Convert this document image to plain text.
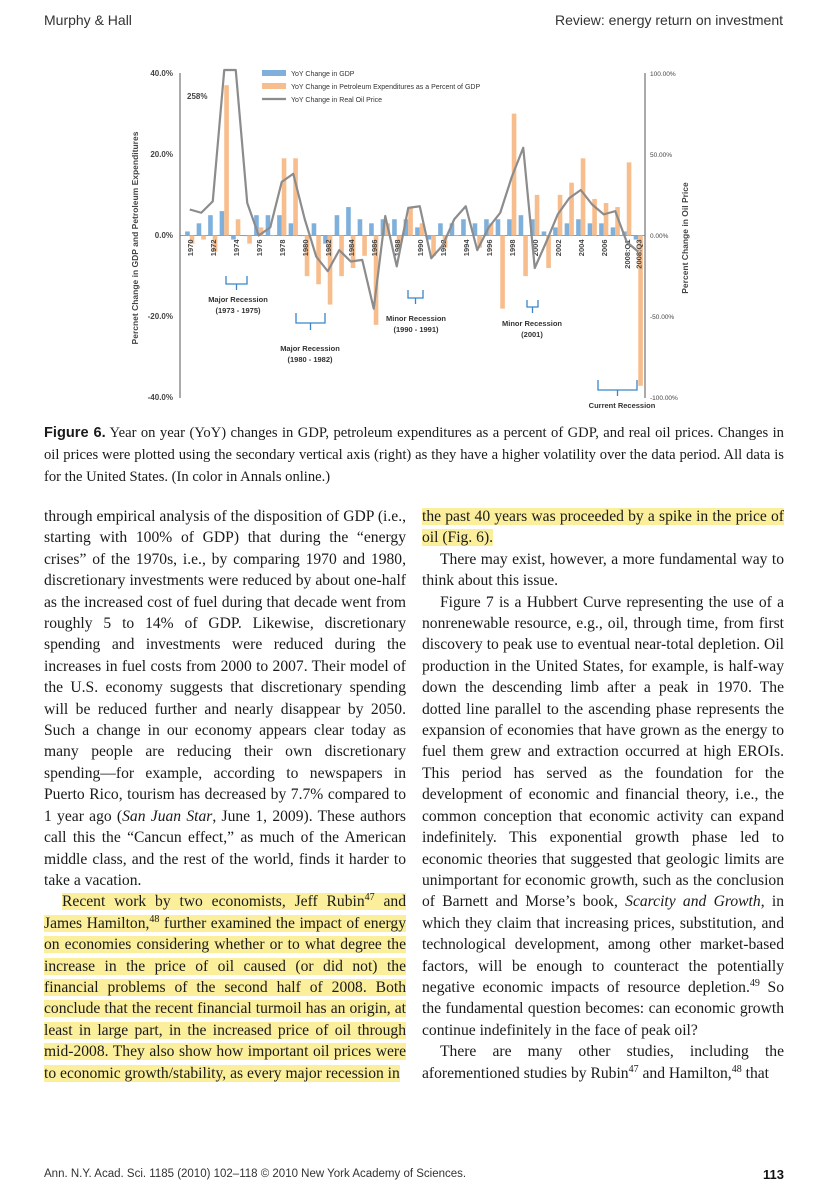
Murphy & Hall	Review: energy return on investment
40.0%
20.0%
0.0%
-20.0%
-40.0%
100.00%
50.00%
0.00%
-50.00%
-100.00%
Percnet Change in GDP and Petroleum Expenditures	Percent Change in Oil Price
YoY Change in GDP
YoY Change in Petroleum Expenditures as a Percent of GDP
YoY Change in Real Oil Price
258%
1970 1972 1974 1976 1978 1980 1982 1984 1986 1988 1990 1992 1994 1996 1998 2000 2002 2004 2006 2008:Q1 2008:Q3
Major Recession
(1973 - 1975)
Major Recession
(1980 - 1982)
Minor Recession
(1990 - 1991)
Minor Recession
(2001)
Current Recession
Figure 6. Year on year (YoY) changes in GDP, petroleum expenditures as a percent of GDP, and real oil prices. Changes in oil prices were plotted using the secondary vertical axis (right) as they have a higher volatility over the data period. All data is for the United States. (In color in Annals online.)

through empirical analysis of the disposition of GDP (i.e., starting with 100% of GDP) that during the “energy crises” of the 1970s, i.e., by comparing 1970 and 1980, discretionary investments were reduced by about one-half as the increased cost of fuel during that decade went from roughly 5 to 14% of GDP. Likewise, discretionary spending and investments were reduced during the increases in fuel costs from 2000 to 2007. Their model of the U.S. economy suggests that discretionary spending will be reduced further and nearly disappear by 2050. Such a change in our economy appears clear today as many people are reducing their own discretionary spending—for example, according to newspapers in Puerto Rico, tourism has decreased by 7.7% compared to 1 year ago (San Juan Star, June 1, 2009). These authors call this the “Cancun effect,” as much of the American middle class, and the rest of the world, finds it harder to take a vacation.

Recent work by two economists, Jeff Rubin$^{47}$ and James Hamilton,$^{48}$ further examined the impact of energy on economies considering whether or to what degree the increase in the price of oil caused (or did not) the financial problems of the second half of 2008. Both conclude that the recent financial turmoil has an origin, at least in large part, in the increased price of oil through mid-2008. They also show how important oil prices were to economic growth/stability, as every major recession in

the past 40 years was proceeded by a spike in the price of oil (Fig. 6).

There may exist, however, a more fundamental way to think about this issue.

Figure 7 is a Hubbert Curve representing the use of a nonrenewable resource, e.g., oil, through time, from first discovery to peak use to eventual near-total depletion. Oil production in the United States, for example, is half-way down the descending limb after a peak in 1970. The dotted line parallel to the ascending phase represents the expansion of economies that have grown as the energy to fuel them grew and extraction occurred at high EROIs. This period has served as the foundation for the development of economic and financial theory, i.e., the common conception that economic activity can expand indefinitely. This exponential growth phase led to economic theories that suggested that geologic limits are unimportant for economic growth, such as the conclusion of Barnett and Morse’s book, Scarcity and Growth, in which they claim that increasing prices, substitution, and technological development, among other market-based factors, will be enough to counteract the potentially negative economic impacts of resource depletion.$^{49}$ So the fundamental question becomes: can economic growth continue indefinitely in the face of peak oil?

There are many other studies, including the aforementioned studies by Rubin$^{47}$ and Hamilton,$^{48}$ that

Ann. N.Y. Acad. Sci. 1185 (2010) 102–118 © 2010 New York Academy of Sciences.	113
